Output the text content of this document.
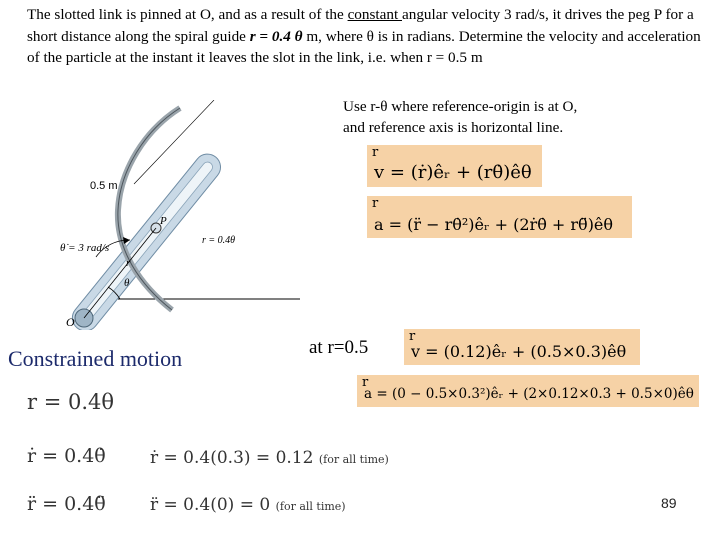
The slotted link is pinned at O, and as a result of the constant angular velocity 3 rad/s, it drives the peg P for a short distance along the spiral guide r = 0.4 θ m, where θ is in radians. Determine the velocity and acceleration of the particle at the instant it leaves the slot in the link, i.e. when r = 0.5 m

Use r-θ where reference-origin is at O,
and reference axis is horizontal line.
0.5 m
θ̇ = 3 rad/s
r = 0.4θ
P
r
θ
O
r
v = (ṙ)êᵣ + (rθ̇)êθ
r
a = (r̈ − rθ̇²)êᵣ + (2ṙθ̇ + rθ̈)êθ
Constrained motion	at r=0.5
r
v = (0.12)êᵣ + (0.5×0.3)êθ
r
a = (0 − 0.5×0.3²)êᵣ + (2×0.12×0.3 + 0.5×0)êθ
r = 0.4θ
ṙ = 0.4θ̇
r̈ = 0.4θ̈
ṙ = 0.4(0.3) = 0.12 (for all time)
r̈ = 0.4(0) = 0 (for all time)	89
